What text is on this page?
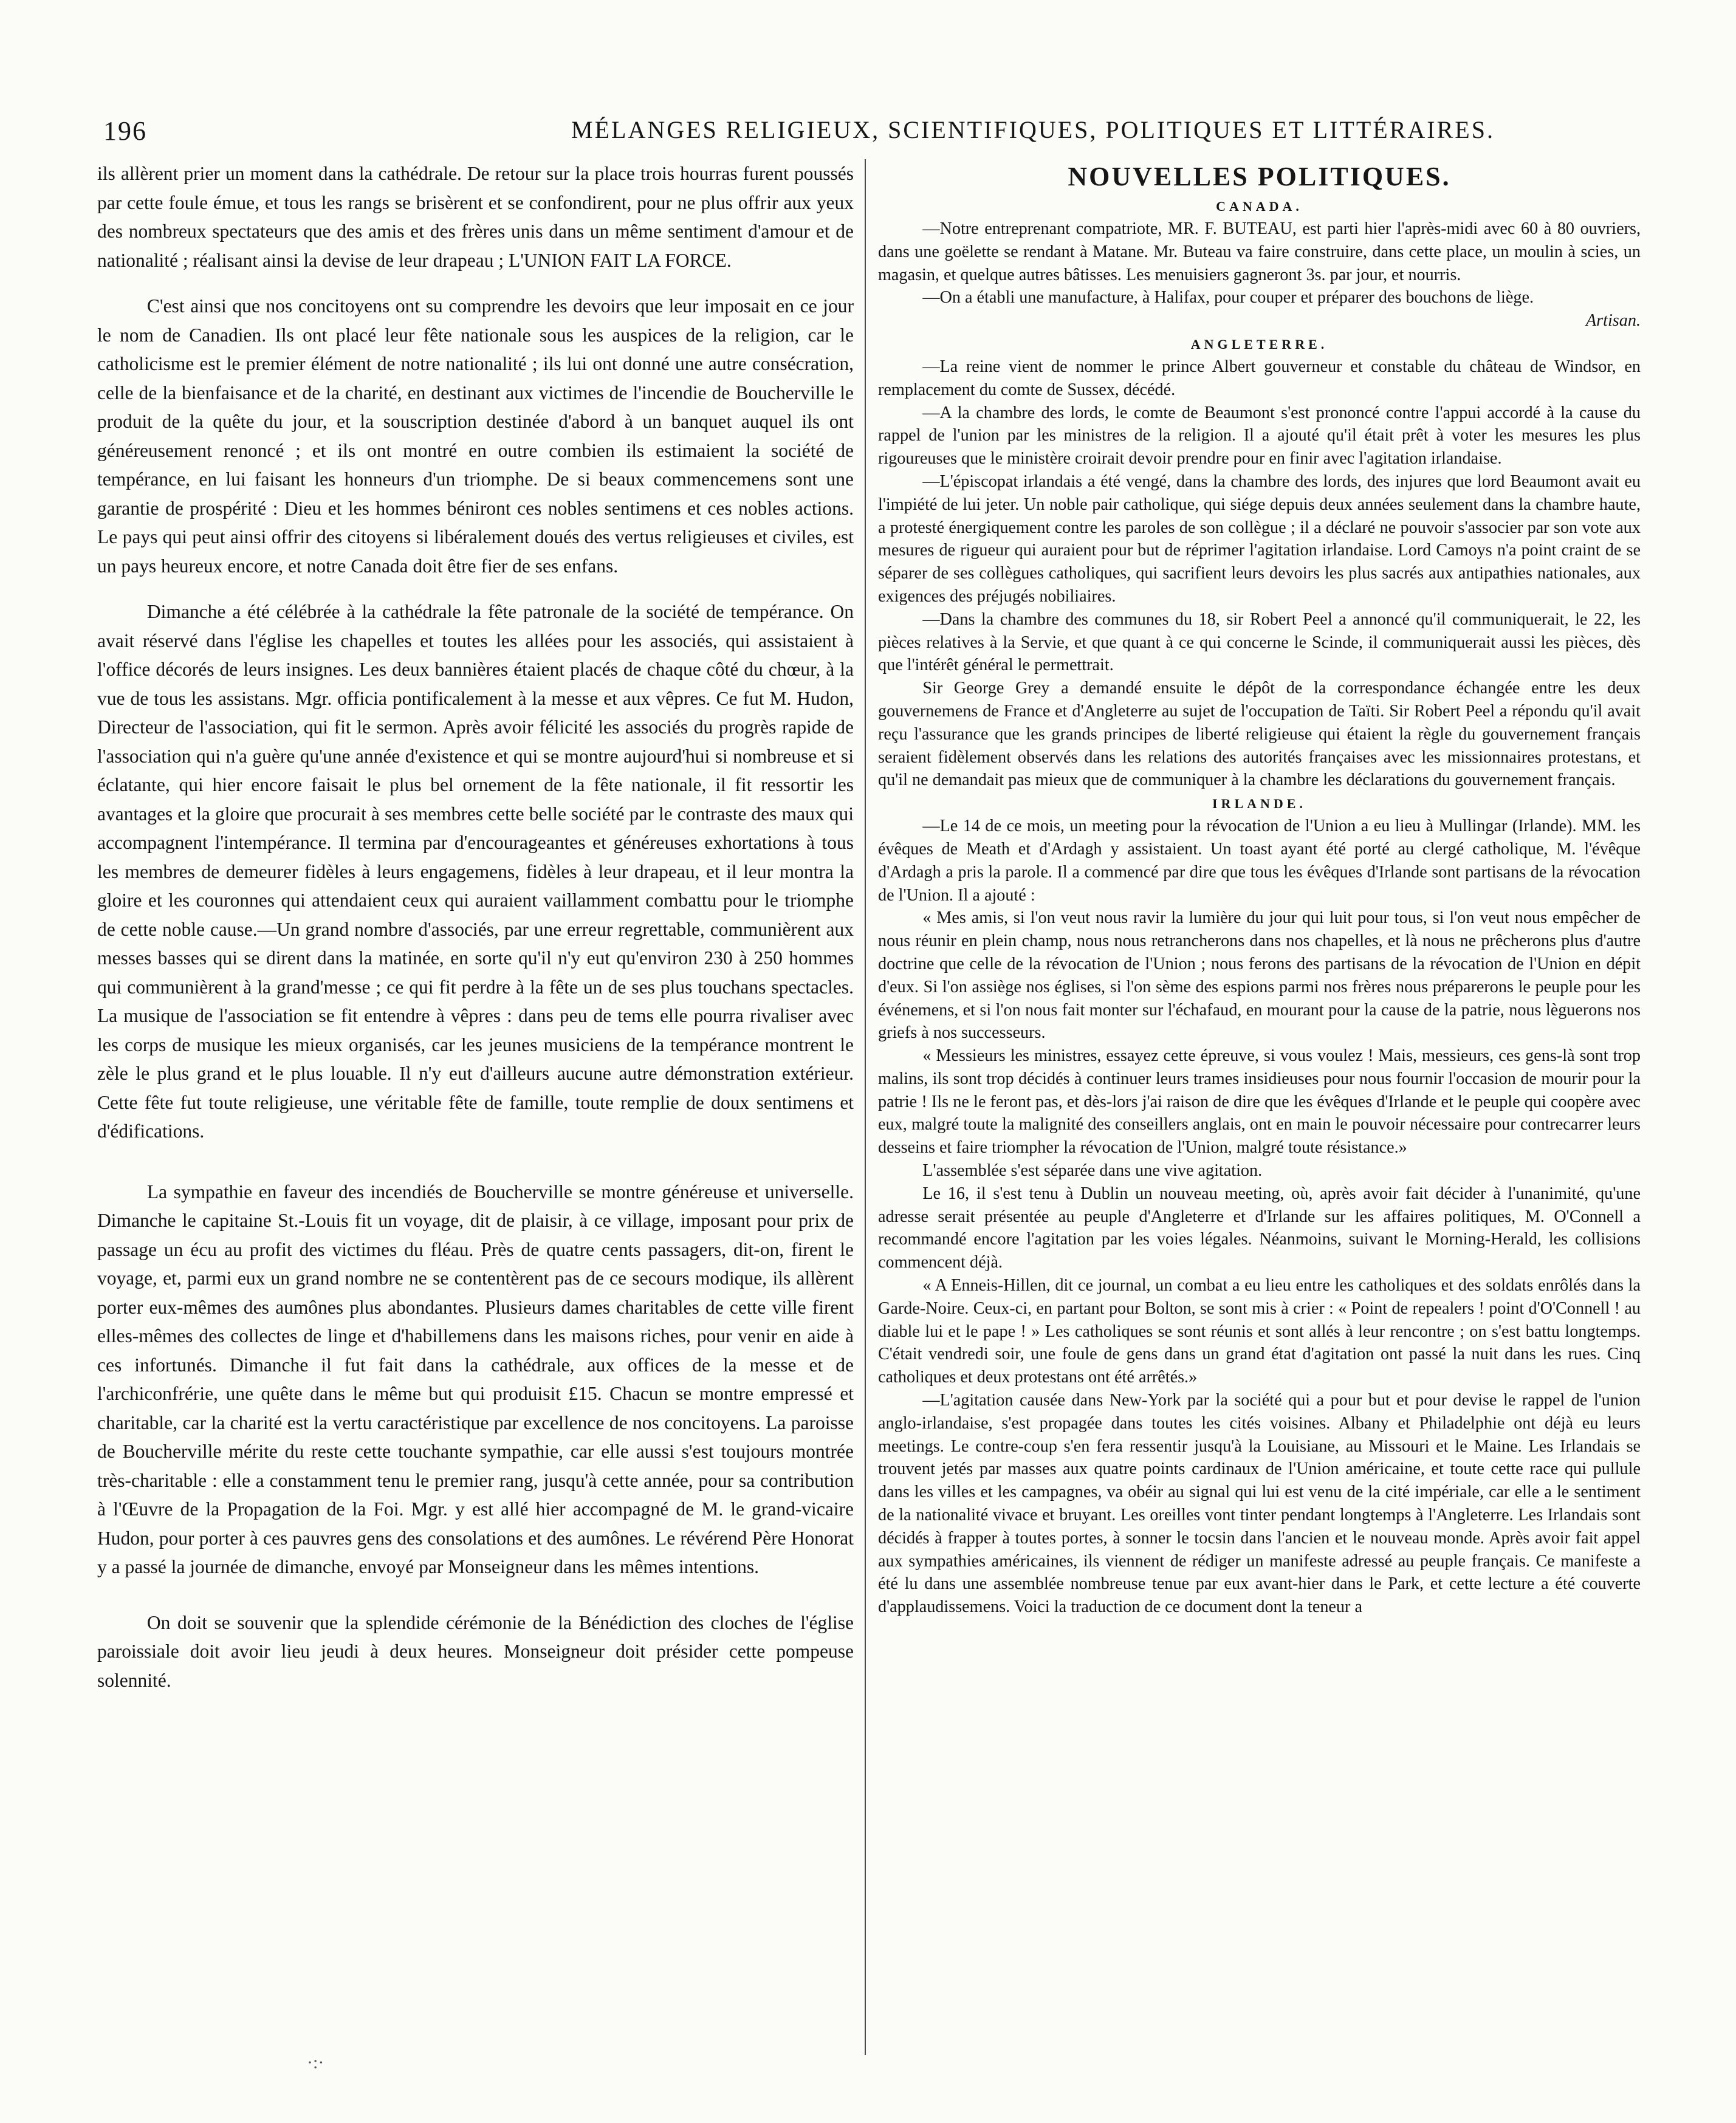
196	MÉLANGES RELIGIEUX, SCIENTIFIQUES, POLITIQUES ET LITTÉRAIRES.

ils allèrent prier un moment dans la cathédrale. De retour sur la place trois hourras furent poussés par cette foule émue, et tous les rangs se brisèrent et se confondirent, pour ne plus offrir aux yeux des nombreux spectateurs que des amis et des frères unis dans un même sentiment d'amour et de nationalité ; réalisant ainsi la devise de leur drapeau ; L'UNION FAIT LA FORCE.

C'est ainsi que nos concitoyens ont su comprendre les devoirs que leur imposait en ce jour le nom de Canadien. Ils ont placé leur fête nationale sous les auspices de la religion, car le catholicisme est le premier élément de notre nationalité ; ils lui ont donné une autre consécration, celle de la bienfaisance et de la charité, en destinant aux victimes de l'incendie de Boucherville le produit de la quête du jour, et la souscription destinée d'abord à un banquet auquel ils ont généreusement renoncé ; et ils ont montré en outre combien ils estimaient la société de tempérance, en lui faisant les honneurs d'un triomphe. De si beaux commencemens sont une garantie de prospérité : Dieu et les hommes béniront ces nobles sentimens et ces nobles actions. Le pays qui peut ainsi offrir des citoyens si libéralement doués des vertus religieuses et civiles, est un pays heureux encore, et notre Canada doit être fier de ses enfans.

Dimanche a été célébrée à la cathédrale la fête patronale de la société de tempérance. On avait réservé dans l'église les chapelles et toutes les allées pour les associés, qui assistaient à l'office décorés de leurs insignes. Les deux bannières étaient placés de chaque côté du chœur, à la vue de tous les assistans. Mgr. officia pontificalement à la messe et aux vêpres. Ce fut M. Hudon, Directeur de l'association, qui fit le sermon. Après avoir félicité les associés du progrès rapide de l'association qui n'a guère qu'une année d'existence et qui se montre aujourd'hui si nombreuse et si éclatante, qui hier encore faisait le plus bel ornement de la fête nationale, il fit ressortir les avantages et la gloire que procurait à ses membres cette belle société par le contraste des maux qui accompagnent l'intempérance. Il termina par d'encourageantes et généreuses exhortations à tous les membres de demeurer fidèles à leurs engagemens, fidèles à leur drapeau, et il leur montra la gloire et les couronnes qui attendaient ceux qui auraient vaillamment combattu pour le triomphe de cette noble cause.—Un grand nombre d'associés, par une erreur regrettable, communièrent aux messes basses qui se dirent dans la matinée, en sorte qu'il n'y eut qu'environ 230 à 250 hommes qui communièrent à la grand'messe ; ce qui fit perdre à la fête un de ses plus touchans spectacles. La musique de l'association se fit entendre à vêpres : dans peu de tems elle pourra rivaliser avec les corps de musique les mieux organisés, car les jeunes musiciens de la tempérance montrent le zèle le plus grand et le plus louable. Il n'y eut d'ailleurs aucune autre démonstration extérieur. Cette fête fut toute religieuse, une véritable fête de famille, toute remplie de doux sentimens et d'édifications.

La sympathie en faveur des incendiés de Boucherville se montre généreuse et universelle. Dimanche le capitaine St.-Louis fit un voyage, dit de plaisir, à ce village, imposant pour prix de passage un écu au profit des victimes du fléau. Près de quatre cents passagers, dit-on, firent le voyage, et, parmi eux un grand nombre ne se contentèrent pas de ce secours modique, ils allèrent porter eux-mêmes des aumônes plus abondantes. Plusieurs dames charitables de cette ville firent elles-mêmes des collectes de linge et d'habillemens dans les maisons riches, pour venir en aide à ces infortunés. Dimanche il fut fait dans la cathédrale, aux offices de la messe et de l'archiconfrérie, une quête dans le même but qui produisit £15. Chacun se montre empressé et charitable, car la charité est la vertu caractéristique par excellence de nos concitoyens. La paroisse de Boucherville mérite du reste cette touchante sympathie, car elle aussi s'est toujours montrée très-charitable : elle a constamment tenu le premier rang, jusqu'à cette année, pour sa contribution à l'Œuvre de la Propagation de la Foi. Mgr. y est allé hier accompagné de M. le grand-vicaire Hudon, pour porter à ces pauvres gens des consolations et des aumônes. Le révérend Père Honorat y a passé la journée de dimanche, envoyé par Monseigneur dans les mêmes intentions.

On doit se souvenir que la splendide cérémonie de la Bénédiction des cloches de l'église paroissiale doit avoir lieu jeudi à deux heures. Monseigneur doit présider cette pompeuse solennité.

NOUVELLES POLITIQUES.
CANADA.

—Notre entreprenant compatriote, MR. F. BUTEAU, est parti hier l'après-midi avec 60 à 80 ouvriers, dans une goëlette se rendant à Matane. Mr. Buteau va faire construire, dans cette place, un moulin à scies, un magasin, et quelque autres bâtisses. Les menuisiers gagneront 3s. par jour, et nourris.

—On a établi une manufacture, à Halifax, pour couper et préparer des bouchons de liège.

Artisan.
ANGLETERRE.

—La reine vient de nommer le prince Albert gouverneur et constable du château de Windsor, en remplacement du comte de Sussex, décédé.

—A la chambre des lords, le comte de Beaumont s'est prononcé contre l'appui accordé à la cause du rappel de l'union par les ministres de la religion. Il a ajouté qu'il était prêt à voter les mesures les plus rigoureuses que le ministère croirait devoir prendre pour en finir avec l'agitation irlandaise.

—L'épiscopat irlandais a été vengé, dans la chambre des lords, des injures que lord Beaumont avait eu l'impiété de lui jeter. Un noble pair catholique, qui siége depuis deux années seulement dans la chambre haute, a protesté énergiquement contre les paroles de son collègue ; il a déclaré ne pouvoir s'associer par son vote aux mesures de rigueur qui auraient pour but de réprimer l'agitation irlandaise. Lord Camoys n'a point craint de se séparer de ses collègues catholiques, qui sacrifient leurs devoirs les plus sacrés aux antipathies nationales, aux exigences des préjugés nobiliaires.

—Dans la chambre des communes du 18, sir Robert Peel a annoncé qu'il communiquerait, le 22, les pièces relatives à la Servie, et que quant à ce qui concerne le Scinde, il communiquerait aussi les pièces, dès que l'intérêt général le permettrait.

Sir George Grey a demandé ensuite le dépôt de la correspondance échangée entre les deux gouvernemens de France et d'Angleterre au sujet de l'occupation de Taïti. Sir Robert Peel a répondu qu'il avait reçu l'assurance que les grands principes de liberté religieuse qui étaient la règle du gouvernement français seraient fidèlement observés dans les relations des autorités françaises avec les missionnaires protestans, et qu'il ne demandait pas mieux que de communiquer à la chambre les déclarations du gouvernement français.

IRLANDE.

—Le 14 de ce mois, un meeting pour la révocation de l'Union a eu lieu à Mullingar (Irlande). MM. les évêques de Meath et d'Ardagh y assistaient. Un toast ayant été porté au clergé catholique, M. l'évêque d'Ardagh a pris la parole. Il a commencé par dire que tous les évêques d'Irlande sont partisans de la révocation de l'Union. Il a ajouté :

« Mes amis, si l'on veut nous ravir la lumière du jour qui luit pour tous, si l'on veut nous empêcher de nous réunir en plein champ, nous nous retrancherons dans nos chapelles, et là nous ne prêcherons plus d'autre doctrine que celle de la révocation de l'Union ; nous ferons des partisans de la révocation de l'Union en dépit d'eux. Si l'on assiège nos églises, si l'on sème des espions parmi nos frères nous préparerons le peuple pour les événemens, et si l'on nous fait monter sur l'échafaud, en mourant pour la cause de la patrie, nous lèguerons nos griefs à nos successeurs.

« Messieurs les ministres, essayez cette épreuve, si vous voulez ! Mais, messieurs, ces gens-là sont trop malins, ils sont trop décidés à continuer leurs trames insidieuses pour nous fournir l'occasion de mourir pour la patrie ! Ils ne le feront pas, et dès-lors j'ai raison de dire que les évêques d'Irlande et le peuple qui coopère avec eux, malgré toute la malignité des conseillers anglais, ont en main le pouvoir nécessaire pour contrecarrer leurs desseins et faire triompher la révocation de l'Union, malgré toute résistance.»

L'assemblée s'est séparée dans une vive agitation.

Le 16, il s'est tenu à Dublin un nouveau meeting, où, après avoir fait décider à l'unanimité, qu'une adresse serait présentée au peuple d'Angleterre et d'Irlande sur les affaires politiques, M. O'Connell a recommandé encore l'agitation par les voies légales. Néanmoins, suivant le Morning-Herald, les collisions commencent déjà.

« A Enneis-Hillen, dit ce journal, un combat a eu lieu entre les catholiques et des soldats enrôlés dans la Garde-Noire. Ceux-ci, en partant pour Bolton, se sont mis à crier : « Point de repealers ! point d'O'Connell ! au diable lui et le pape ! » Les catholiques se sont réunis et sont allés à leur rencontre ; on s'est battu longtemps. C'était vendredi soir, une foule de gens dans un grand état d'agitation ont passé la nuit dans les rues. Cinq catholiques et deux protestans ont été arrêtés.»

—L'agitation causée dans New-York par la société qui a pour but et pour devise le rappel de l'union anglo-irlandaise, s'est propagée dans toutes les cités voisines. Albany et Philadelphie ont déjà eu leurs meetings. Le contre-coup s'en fera ressentir jusqu'à la Louisiane, au Missouri et le Maine. Les Irlandais se trouvent jetés par masses aux quatre points cardinaux de l'Union américaine, et toute cette race qui pullule dans les villes et les campagnes, va obéir au signal qui lui est venu de la cité impériale, car elle a le sentiment de la nationalité vivace et bruyant. Les oreilles vont tinter pendant longtemps à l'Angleterre. Les Irlandais sont décidés à frapper à toutes portes, à sonner le tocsin dans l'ancien et le nouveau monde. Après avoir fait appel aux sympathies américaines, ils viennent de rédiger un manifeste adressé au peuple français. Ce manifeste a été lu dans une assemblée nombreuse tenue par eux avant-hier dans le Park, et cette lecture a été couverte d'applaudissemens. Voici la traduction de ce document dont la teneur a

·:·
